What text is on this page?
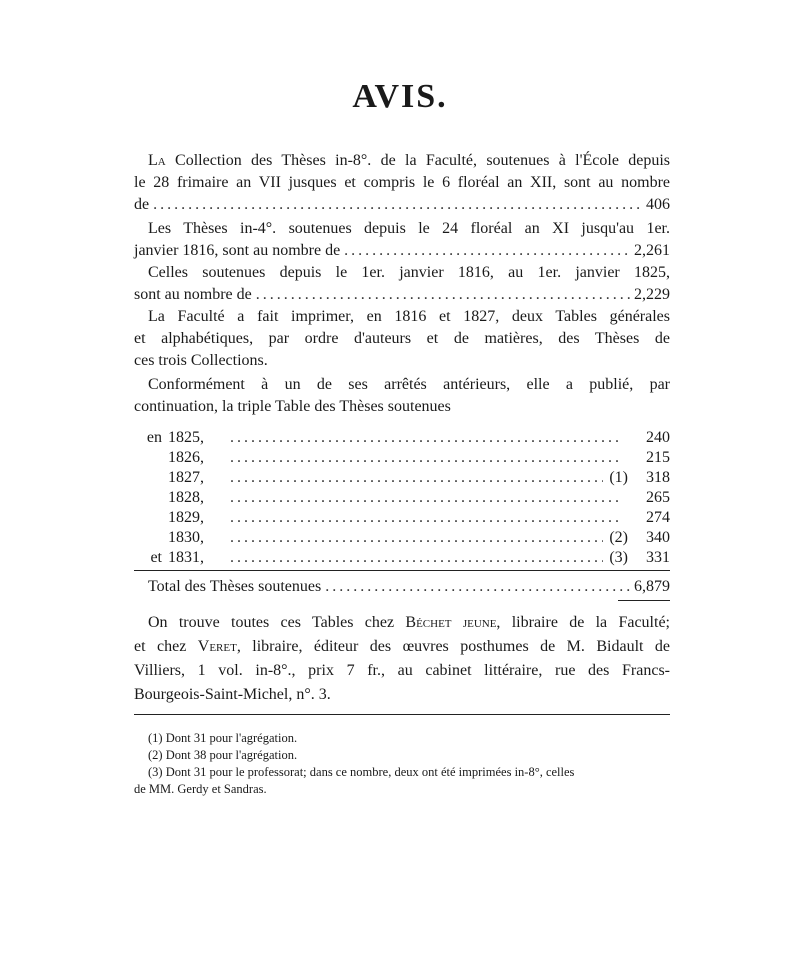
AVIS.
La Collection des Thèses in-8°. de la Faculté, soutenues à l'École depuis
le 28 frimaire an VII jusques et compris le 6 floréal an XII, sont au nombre
de .....	406
Les Thèses in-4°. soutenues depuis le 24 floréal an XI jusqu'au 1er.
janvier 1816, sont au nombre de .....	2,261
Celles soutenues depuis le 1er. janvier 1816, au 1er. janvier 1825,
sont au nombre de .....	2,229
La Faculté a fait imprimer, en 1816 et 1827, deux Tables générales
et alphabétiques, par ordre d'auteurs et de matières, des Thèses de
ces trois Collections.
Conformément à un de ses arrêtés antérieurs, elle a publié, par
continuation, la triple Table des Thèses soutenues
en 1825, .....	240
1826, .....	215
1827, .....	(1)	318
1828, .....	265
1829, .....	274
1830, .....	(2)	340
et 1831, .....	(3)	331
Total des Thèses soutenues .....	6,879
On trouve toutes ces Tables chez Béchet jeune, libraire de la Faculté;
et chez Veret, libraire, éditeur des œuvres posthumes de M. Bidault de
Villiers, 1 vol. in-8°., prix 7 fr., au cabinet littéraire, rue des Francs-
Bourgeois-Saint-Michel, n°. 3.
(1) Dont 31 pour l'agrégation.
(2) Dont 38 pour l'agrégation.
(3) Dont 31 pour le professorat; dans ce nombre, deux ont été imprimées in-8°, celles
de MM. Gerdy et Sandras.
